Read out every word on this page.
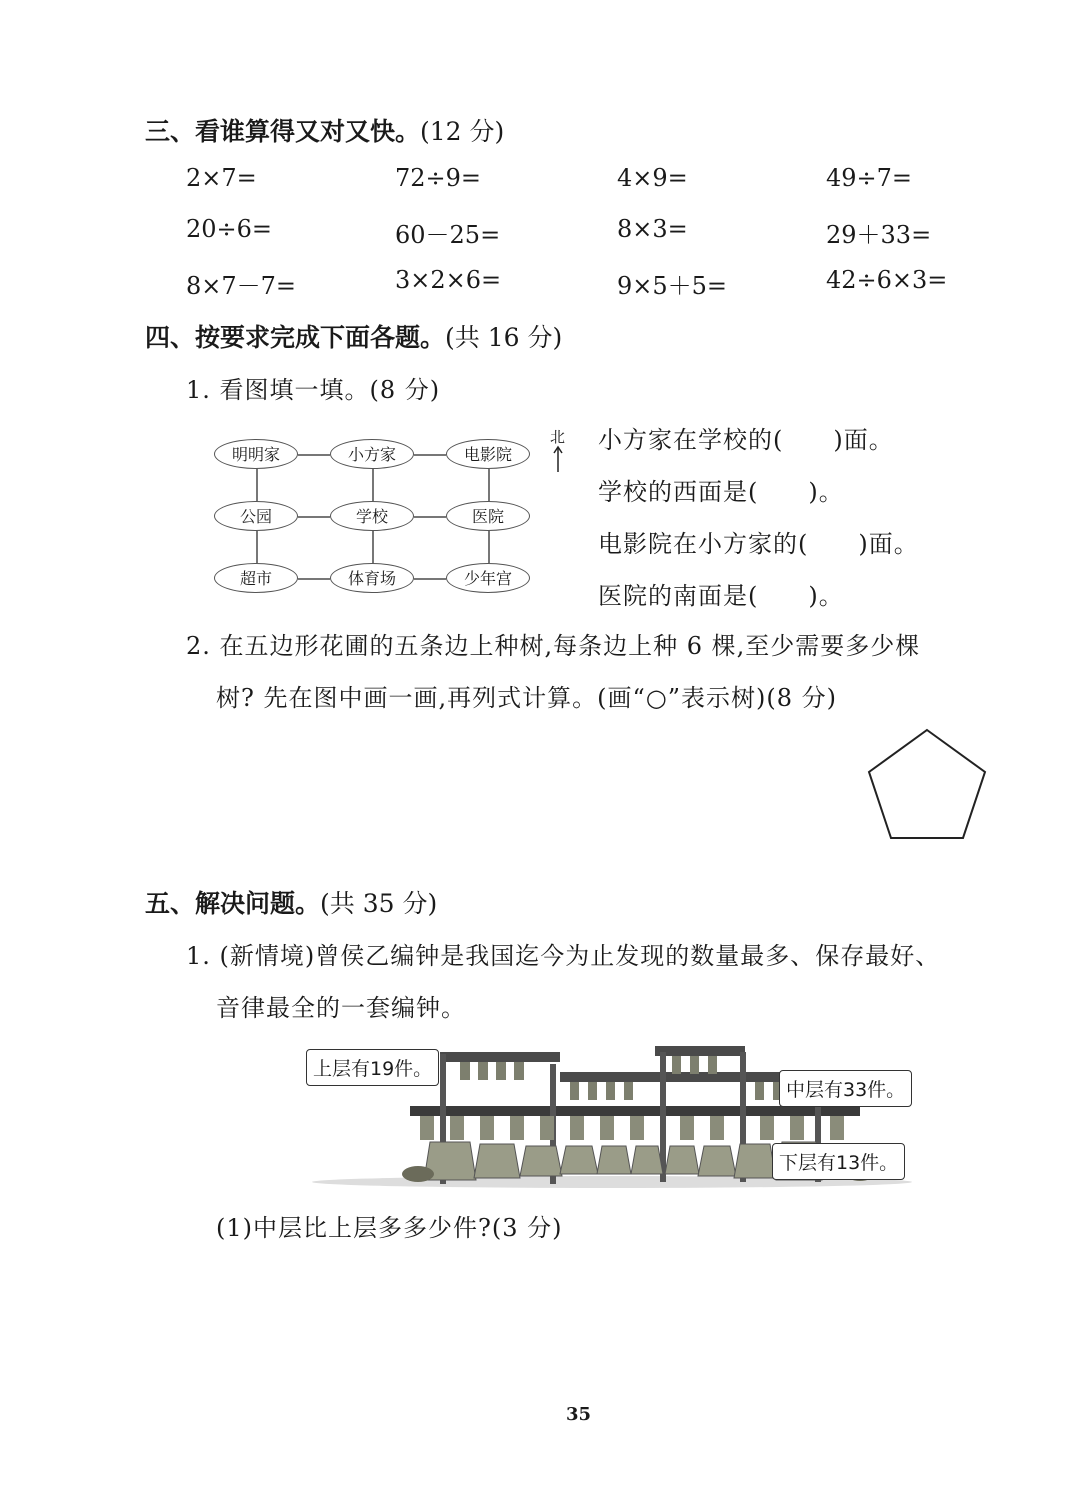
三、看谁算得又对又快。(12 分)
2×7=	72÷9=	4×9=	49÷7=
20÷6=	60－25=	8×3=	29＋33=
8×7－7=	3×2×6=	9×5＋5=	42÷6×3=
四、按要求完成下面各题。(共 16 分)
1. 看图填一填。(8 分)
明明家	小方家	电影院
公园	学校	医院
超市	体育场	少年宫
北 小方家在学校的(　　)面。
学校的西面是(　　)。
电影院在小方家的(　　)面。
医院的南面是(　　)。
2. 在五边形花圃的五条边上种树,每条边上种 6 棵,至少需要多少棵
树? 先在图中画一画,再列式计算。(画“○”表示树)(8 分)
五、解决问题。(共 35 分)
1. (新情境)曾侯乙编钟是我国迄今为止发现的数量最多、保存最好、
音律最全的一套编钟。
上层有19件。
中层有33件。
下层有13件。
(1)中层比上层多多少件?(3 分)
35
